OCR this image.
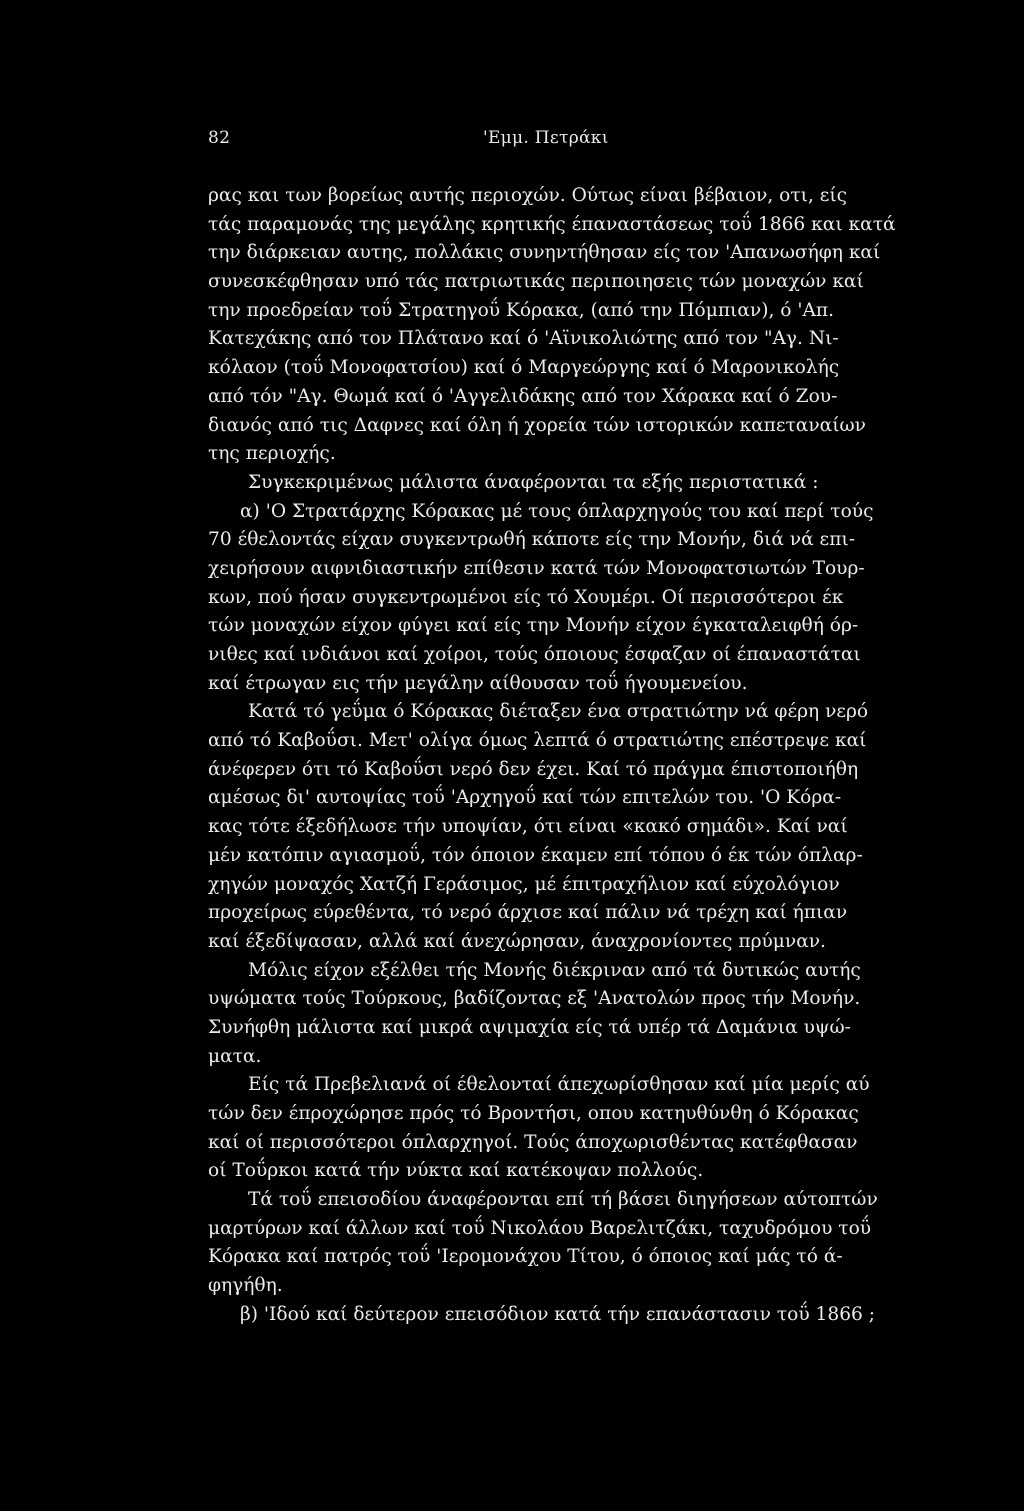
82	'Εμμ. Πετράκι
ρας και των βορείως αυτής περιοχών. Ούτως είναι βέβαιον, οτι, είς
τάς παραμονάς της μεγάλης κρητικής έπαναστάσεως τοΰ 1866 και κατά
την διάρκειαν αυτης, πολλάκις συνηντήθησαν είς τον 'Απανωσήφη καί
συνεσκέφθησαν υπό τάς πατριωτικάς περιποιησεις τών μοναχών καί
την προεδρείαν τοΰ Στρατηγοΰ Κόρακα, (από την Πόμπιαν), ό 'Απ.
Κατεχάκης από τον Πλάτανο καί ό 'Αϊνικολιώτης από τον "Αγ. Νι-
κόλαον (τοΰ Μονοφατσίου) καί ό Μαργεώργης καί ό Μαρονικολής
από τόν "Αγ. Θωμά καί ό 'Αγγελιδάκης από τον Χάρακα καί ό Ζου-
διανός από τις Δαφνες καί όλη ή χορεία τών ιστορικών καπεταναίων
της περιοχής.
Συγκεκριμένως μάλιστα άναφέρονται τα εξής περιστατικά :
α) 'Ο Στρατάρχης Κόρακας μέ τους όπλαρχηγούς του καί περί τούς
70 έθελοντάς είχαν συγκεντρωθή κάποτε είς την Μονήν, διά νά επι-
χειρήσουν αιφνιδιαστικήν επίθεσιν κατά τών Μονοφατσιωτών Τουρ-
κων, πού ήσαν συγκεντρωμένοι είς τό Χουμέρι. Οί περισσότεροι έκ
τών μοναχών είχον φύγει καί είς την Μονήν είχον έγκαταλειφθή όρ-
νιθες καί ινδιάνοι καί χοίροι, τούς όποιους έσφαζαν οί έπαναστάται
καί έτρωγαν εις τήν μεγάλην αίθουσαν τοΰ ήγουμενείου.
Κατά τό γεΰμα ό Κόρακας διέταξεν ένα στρατιώτην νά φέρη νερό
από τό Καβοΰσι. Μετ' ολίγα όμως λεπτά ό στρατιώτης επέστρεψε καί
άνέφερεν ότι τό Καβοΰσι νερό δεν έχει. Καί τό πράγμα έπιστοποιήθη
αμέσως δι' αυτοψίας τοΰ 'Αρχηγοΰ καί τών επιτελών του. 'Ο Κόρα-
κας τότε έξεδήλωσε τήν υποψίαν, ότι είναι «κακό σημάδι». Καί ναί
μέν κατόπιν αγιασμοΰ, τόν όποιον έκαμεν επί τόπου ό έκ τών όπλαρ-
χηγών μοναχός Χατζή Γεράσιμος, μέ έπιτραχήλιον καί εύχολόγιον
προχείρως εύρεθέντα, τό νερό άρχισε καί πάλιν νά τρέχη καί ήπιαν
καί έξεδίψασαν, αλλά καί άνεχώρησαν, άναχρονίοντες πρύμναν.
Μόλις είχον εξέλθει τής Μονής διέκριναν από τά δυτικώς αυτής
υψώματα τούς Τούρκους, βαδίζοντας εξ 'Ανατολών προς τήν Μονήν.
Συνήφθη μάλιστα καί μικρά αψιμαχία είς τά υπέρ τά Δαμάνια υψώ-
ματα.
Είς τά Πρεβελιανά οί έθελονταί άπεχωρίσθησαν καί μία μερίς αύ
τών δεν έπροχώρησε πρός τό Βροντήσι, οπου κατηυθύνθη ό Κόρακας
καί οί περισσότεροι όπλαρχηγοί. Τούς άποχωρισθέντας κατέφθασαν
οί Τοΰρκοι κατά τήν νύκτα καί κατέκοψαν πολλούς.
Τά τοΰ επεισοδίου άναφέρονται επί τή βάσει διηγήσεων αύτοπτών
μαρτύρων καί άλλων καί τοΰ Νικολάου Βαρελιτζάκι, ταχυδρόμου τοΰ
Κόρακα καί πατρός τοΰ 'Ιερομονάχου Τίτου, ό όποιος καί μάς τό ά-
φηγήθη.
β) 'Ιδού καί δεύτερον επεισόδιον κατά τήν επανάστασιν τοΰ 1866 ;
